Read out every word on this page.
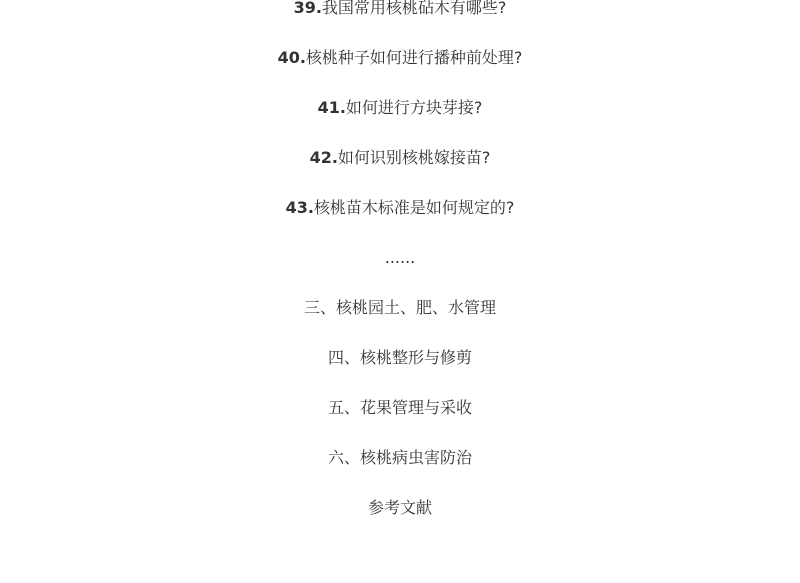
39.我国常用核桃砧木有哪些?
40.核桃种子如何进行播种前处理?
41.如何进行方块芽接?
42.如何识别核桃嫁接苗?
43.核桃苗木标准是如何规定的?
......
三、核桃园土、肥、水管理
四、核桃整形与修剪
五、花果管理与采收
六、核桃病虫害防治
参考文献
